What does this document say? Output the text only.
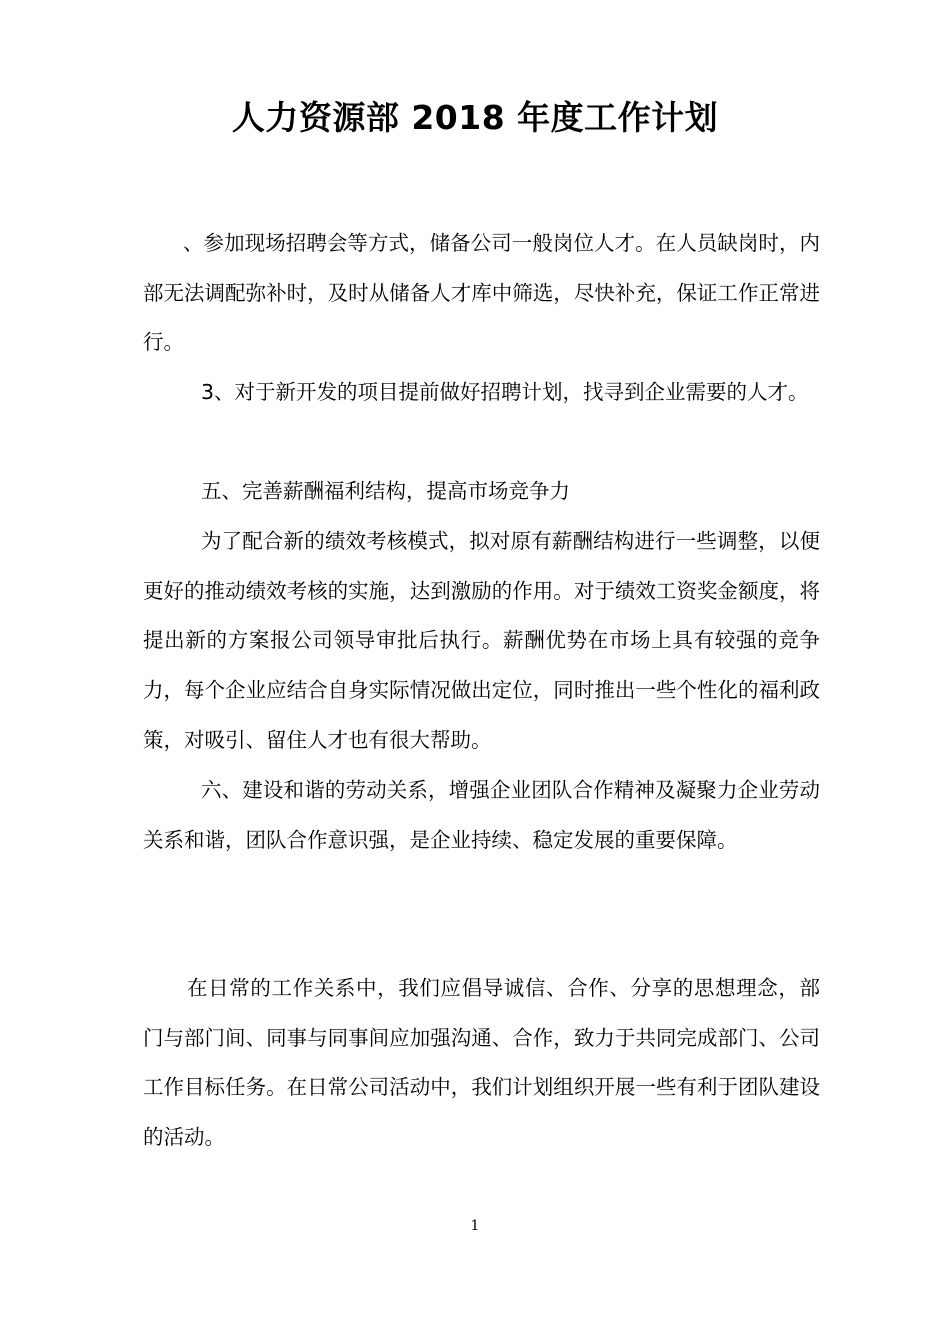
人力资源部 2018 年度工作计划

、参加现场招聘会等方式，储备公司一般岗位人才。在人员缺岗时，内部无法调配弥补时，及时从储备人才库中筛选，尽快补充，保证工作正常进行。

3、对于新开发的项目提前做好招聘计划，找寻到企业需要的人才。

五、完善薪酬福利结构，提高市场竞争力

为了配合新的绩效考核模式，拟对原有薪酬结构进行一些调整，以便更好的推动绩效考核的实施，达到激励的作用。对于绩效工资奖金额度，将提出新的方案报公司领导审批后执行。薪酬优势在市场上具有较强的竞争力，每个企业应结合自身实际情况做出定位，同时推出一些个性化的福利政策，对吸引、留住人才也有很大帮助。

六、建设和谐的劳动关系，增强企业团队合作精神及凝聚力企业劳动关系和谐，团队合作意识强，是企业持续、稳定发展的重要保障。

在日常的工作关系中，我们应倡导诚信、合作、分享的思想理念，部门与部门间、同事与同事间应加强沟通、合作，致力于共同完成部门、公司工作目标任务。在日常公司活动中，我们计划组织开展一些有利于团队建设的活动。

1
